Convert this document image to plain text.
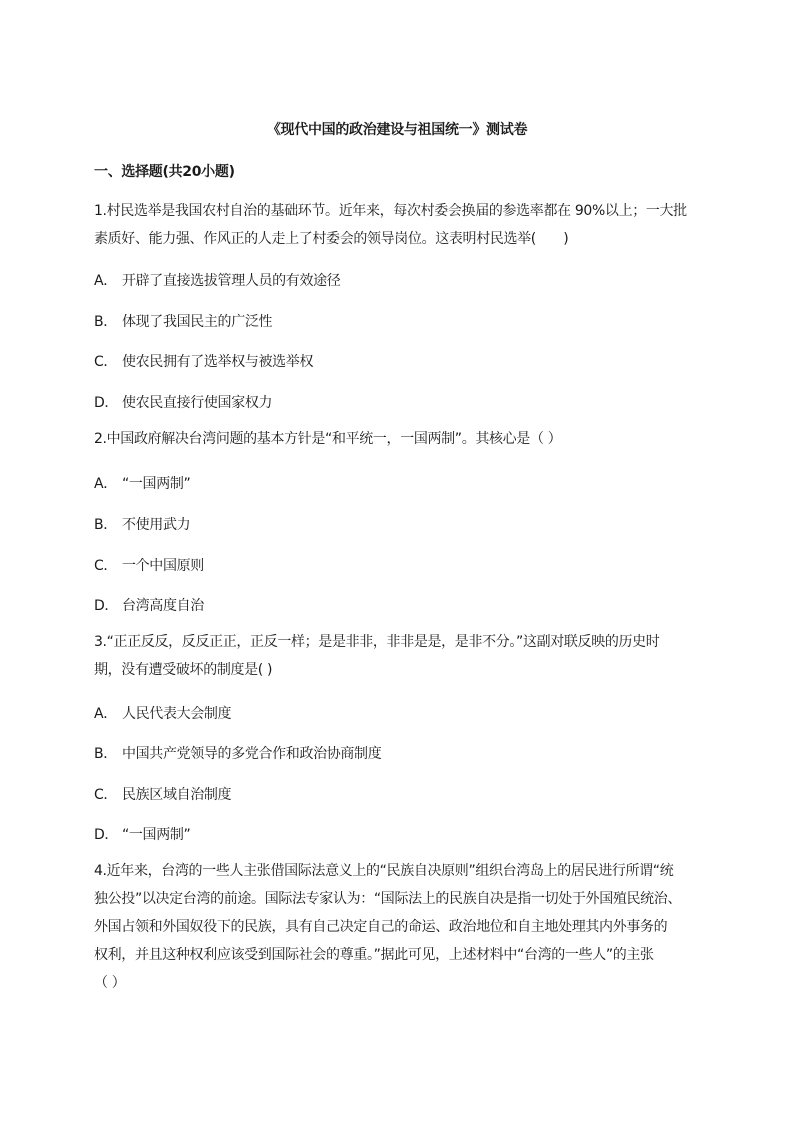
《现代中国的政治建设与祖国统一》测试卷
一、选择题(共20小题)
1.村民选举是我国农村自治的基础环节。近年来，每次村委会换届的参选率都在 90%以上；一大批
素质好、能力强、作风正的人走上了村委会的领导岗位。这表明村民选举(　　)
A． 开辟了直接选拔管理人员的有效途径
B． 体现了我国民主的广泛性
C． 使农民拥有了选举权与被选举权
D． 使农民直接行使国家权力
2.中国政府解决台湾问题的基本方针是“和平统一，一国两制”。其核心是（ ）
A． “一国两制”
B． 不使用武力
C． 一个中国原则
D． 台湾高度自治
3.“正正反反，反反正正，正反一样；是是非非，非非是是，是非不分。”这副对联反映的历史时
期，没有遭受破坏的制度是( )
A． 人民代表大会制度
B． 中国共产党领导的多党合作和政治协商制度
C． 民族区域自治制度
D． “一国两制”
4.近年来，台湾的一些人主张借国际法意义上的“民族自决原则”组织台湾岛上的居民进行所谓“统
独公投”以决定台湾的前途。国际法专家认为：“国际法上的民族自决是指一切处于外国殖民统治、
外国占领和外国奴役下的民族，具有自己决定自己的命运、政治地位和自主地处理其内外事务的
权利，并且这种权利应该受到国际社会的尊重。”据此可见，上述材料中“台湾的一些人”的主张
（ ）
